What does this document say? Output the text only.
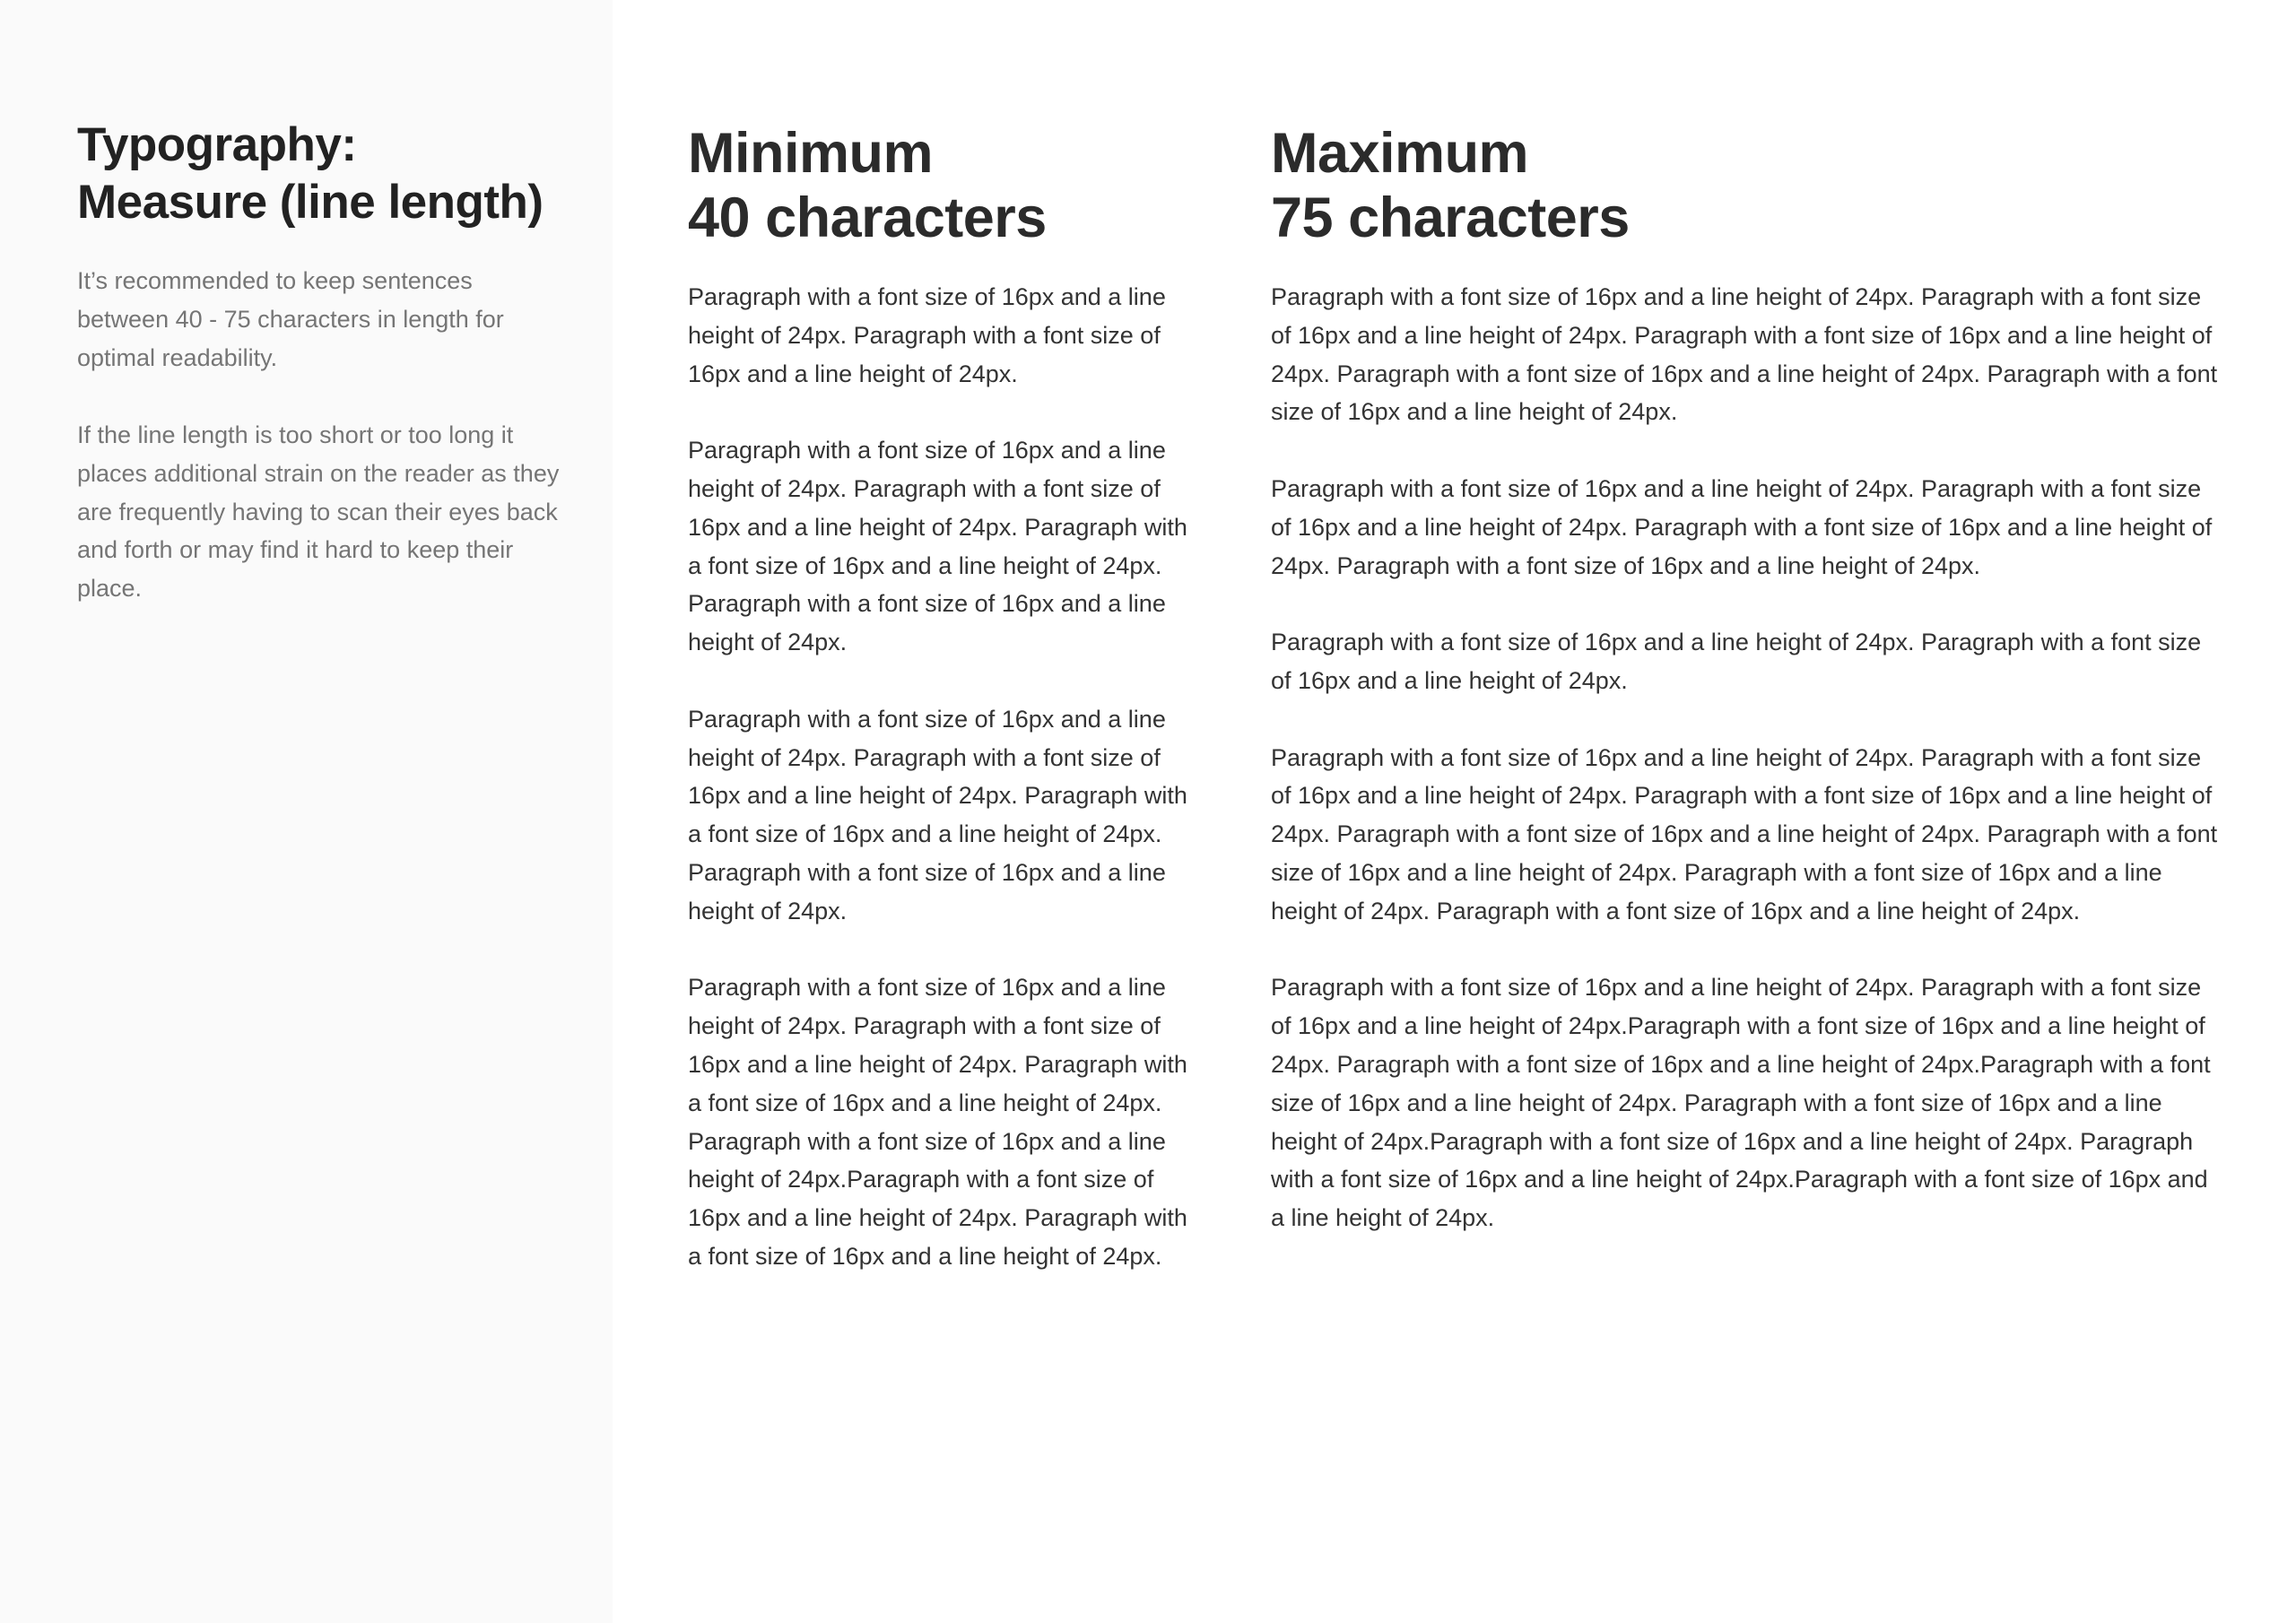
Typography:
Measure (line length)

It’s recommended to keep sentences between 40 - 75 characters in length for optimal readability.

If the line length is too short or too long it places additional strain on the reader as they are frequently having to scan their eyes back and forth or may find it hard to keep their place.

Minimum
40 characters

Paragraph with a font size of 16px and a line height of 24px. Paragraph with a font size of 16px and a line height of 24px.

Paragraph with a font size of 16px and a line height of 24px. Paragraph with a font size of 16px and a line height of 24px. Paragraph with a font size of 16px and a line height of 24px. Paragraph with a font size of 16px and a line height of 24px.

Paragraph with a font size of 16px and a line height of 24px. Paragraph with a font size of 16px and a line height of 24px. Paragraph with a font size of 16px and a line height of 24px. Paragraph with a font size of 16px and a line height of 24px.

Paragraph with a font size of 16px and a line height of 24px. Paragraph with a font size of 16px and a line height of 24px. Paragraph with a font size of 16px and a line height of 24px. Paragraph with a font size of 16px and a line height of 24px.Paragraph with a font size of 16px and a line height of 24px. Paragraph with a font size of 16px and a line height of 24px.

Maximum
75 characters

Paragraph with a font size of 16px and a line height of 24px. Paragraph with a font size of 16px and a line height of 24px. Paragraph with a font size of 16px and a line height of 24px. Paragraph with a font size of 16px and a line height of 24px. Paragraph with a font size of 16px and a line height of 24px.

Paragraph with a font size of 16px and a line height of 24px. Paragraph with a font size of 16px and a line height of 24px. Paragraph with a font size of 16px and a line height of 24px. Paragraph with a font size of 16px and a line height of 24px.

Paragraph with a font size of 16px and a line height of 24px. Paragraph with a font size of 16px and a line height of 24px.

Paragraph with a font size of 16px and a line height of 24px. Paragraph with a font size of 16px and a line height of 24px. Paragraph with a font size of 16px and a line height of 24px. Paragraph with a font size of 16px and a line height of 24px. Paragraph with a font size of 16px and a line height of 24px. Paragraph with a font size of 16px and a line height of 24px. Paragraph with a font size of 16px and a line height of 24px.

Paragraph with a font size of 16px and a line height of 24px. Paragraph with a font size of 16px and a line height of 24px.Paragraph with a font size of 16px and a line height of 24px. Paragraph with a font size of 16px and a line height of 24px.Paragraph with a font size of 16px and a line height of 24px. Paragraph with a font size of 16px and a line height of 24px.Paragraph with a font size of 16px and a line height of 24px. Paragraph with a font size of 16px and a line height of 24px.Paragraph with a font size of 16px and a line height of 24px.
